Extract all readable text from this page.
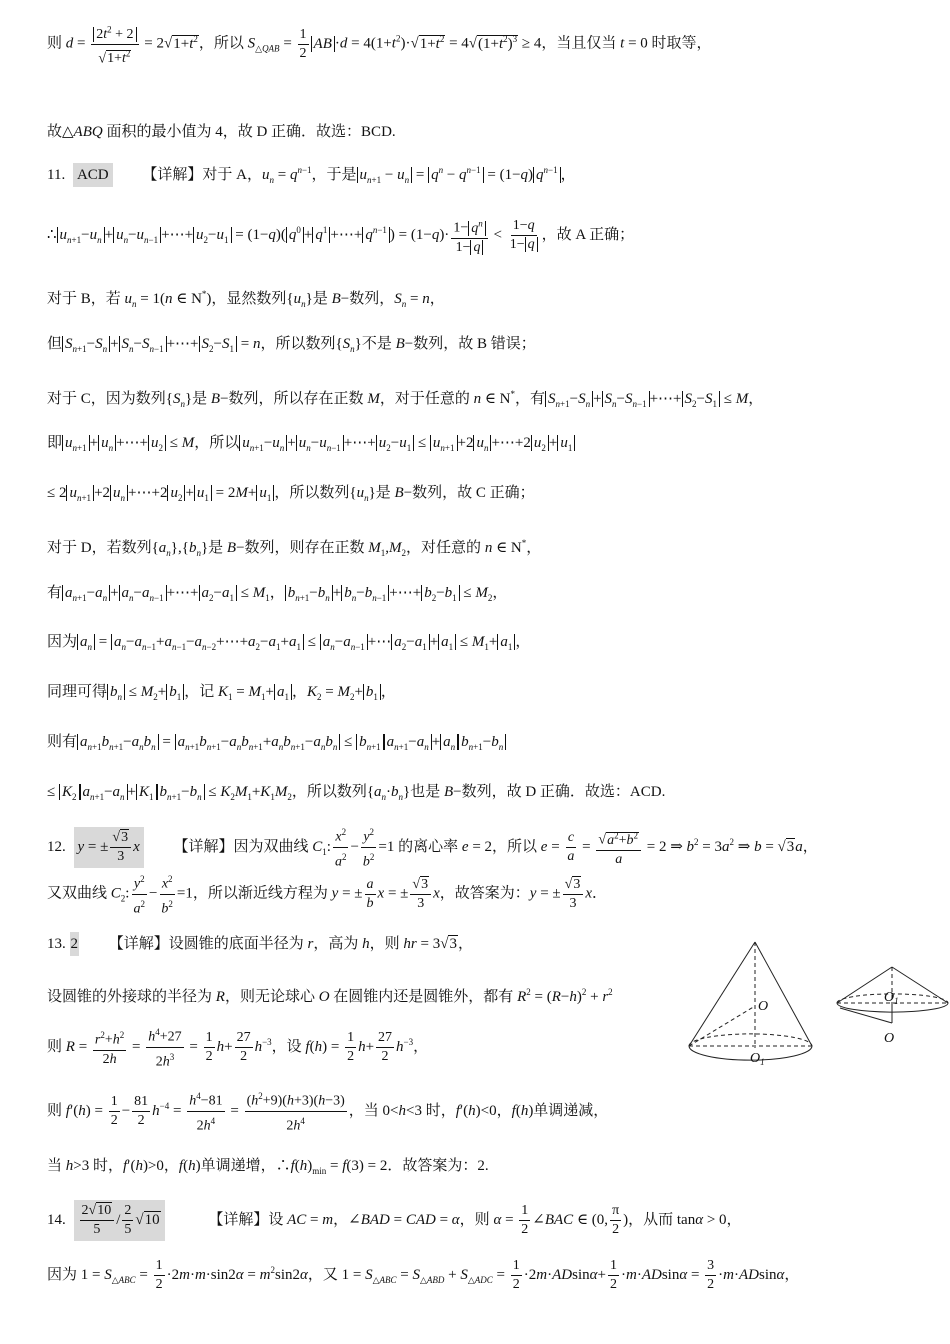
则 $d = \frac{2t^2 + 2}{√1+t^2} = 2√1+t^2$，所以 $S_{\triangle QAB} = \frac{1}{2}$ AB $\cdot d = 4(1+t^2)\cdot√1+t^2 = 4√(1+t^2)^3 \ge 4$，当且仅当 t = 0 时取等，
故△ABQ 面积的最小值为 4，故 D 正确．故选：BCD.
11. ACD 【详解】对于 A，$u_n = q^{n-1}$，于是 $u_{n+1} - u_n = q^n - q^{n-1} = (1-q)$ $q^{n-1}$ ，
∴ $u_{n+1}-u_n + u_n-u_{n-1}$ +⋯+ $u_2-u_1 = (1-q)$( $q^0 + q^1$ +⋯+ $q^{n-1}$ ) = $(1-q)\cdot \frac{1- q^n}{1- q} < \frac{1-q}{1- q}$ ，故 A 正确；
对于 B，若 $u_n = 1(n$ ∈ N*)，显然数列$\{u_n\}$是 B−数列，$S_n = n$，
但 $S_{n+1}-S_n + S_n-S_{n-1}$ +⋯+ $S_2-S_1 = n$，所以数列$\{S_n\}$不是 B−数列，故 B 错误；
对于 C，因为数列$\{S_n\}$是 B−数列，所以存在正数 M，对于任意的 n ∈ N*，有 $S_{n+1}-S_n + S_n-S_{n-1}$ +⋯+ $S_2-S_1 \le M$，
即 $u_{n+1} + u_n$ +⋯+ $u_2 \le M$，所以 $u_{n+1}-u_n + u_n-u_{n-1}$ +⋯+ $u_2-u_1 \le u_{n+1} +2$ $u_n$ +⋯+2 $u_2 + u_1$
≤ 2 $u_{n+1} +2$ $u_n$ +⋯+2 $u_2 + u_1 = 2M+ u_1$ ，所以数列$\{u_n\}$是 B−数列，故 C 正确；
对于 D，若数列$\{a_n\},\{b_n\}$是 B−数列，则存在正数 $M_1,M_2$，对任意的 n ∈ N*，
有 $a_{n+1}-a_n + a_n-a_{n-1}$ +⋯+ $a_2-a_1 \le M_1$， $b_{n+1}-b_n + b_n-b_{n-1}$ +⋯+ $b_2-b_1 \le M_2$，
因为 $a_n$ = $a_n-a_{n-1}+a_{n-1}-a_{n-2}+\cdots+a_2-a_1+a_1 \le a_n-a_{n-1}$ +⋯ $a_2-a_1 + a_1 \le M_1+ a_1$ ，
同理可得 $b_n \le M_2+ b_1$ ，记 $K_1 = M_1+ a_1$ ，$K_2 = M_2+ b_1$ ，
则有 $a_{n+1}b_{n+1}-a_nb_n = a_{n+1}b_{n+1}-a_nb_{n+1}+a_nb_{n+1}-a_nb_n \le b_{n+1}$ $a_{n+1}-a_n + a_n$ $b_{n+1}-b_n$
≤ $K_2$ $a_{n+1}-a_n + K_1$ $b_{n+1}-b_n \le K_2M_1+K_1M_2$，所以数列$\{a_n\cdot b_n\}$也是 B−数列，故 D 正确．故选：ACD.
12. y = ± $\frac{√3}{3}$ x 【详解】因为双曲线 $C_1$: $\frac{x^2}{a^2} - \frac{y^2}{b^2} =1$ 的离心率 e = 2，所以 $e = \frac{c}{a} = \frac{√a^2+b^2}{a} = 2$ ⇒ $b^2 = 3a^2$ ⇒ b = √3a，
又双曲线 $C_2$: $\frac{y^2}{a^2} - \frac{x^2}{b^2} =1$，所以渐近线方程为 y = ± $\frac{a}{b}$ x = ± $\frac{√3}{3}$ x，故答案为：y = ± $\frac{√3}{3}$ x．
13. 2 【详解】设圆锥的底面半径为 r，高为 h，则 hr = 3√3，
设圆锥的外接球的半径为 R，则无论球心 O 在圆锥内还是圆锥外，都有 $R^2 = (R-h)^2 + r^2$
则 $R = \frac{r^2+h^2}{2h} = \frac{h^4+27}{2h^3} = \frac{1}{2} h+ \frac{27}{2} h^{-3}$，设 $f(h) = \frac{1}{2} h+ \frac{27}{2} h^{-3}$，
则 $f'(h) = \frac{1}{2} - \frac{81}{2} h^{-4} = \frac{h^4-81}{2h^4} = \frac{(h^2+9)(h+3)(h-3)}{2h^4}$ ，当 0<h<3 时，f′(h)<0，f(h)单调递减，
当 h>3 时，f′(h)>0，f(h)单调递增，$\therefore f(h)_{min} = f(3) = 2$．故答案为：2.
14. $\frac{2√10}{5} / \frac{2}{5} √10$	【详解】设 AC = m，∠BAD = CAD = α，则 $\alpha = \frac{1}{2}$ ∠BAC ∈ (0, $\frac{\pi}{2}$ )，从而 tanα > 0，
因为 $1 = S_{\triangle ABC} = \frac{1}{2} \cdot 2m\cdot m\cdot\sin 2\alpha = m^2\sin 2\alpha$，又 $1 = S_{\triangle ABC} = S_{\triangle ABD} + S_{\triangle ADC} = \frac{1}{2} \cdot 2m\cdot ADsin\alpha+ \frac{1}{2} \cdot m\cdot ADsin\alpha = \frac{3}{2} \cdot m\cdot ADsin\alpha$，
O
$O_1$
$O_1$
O
